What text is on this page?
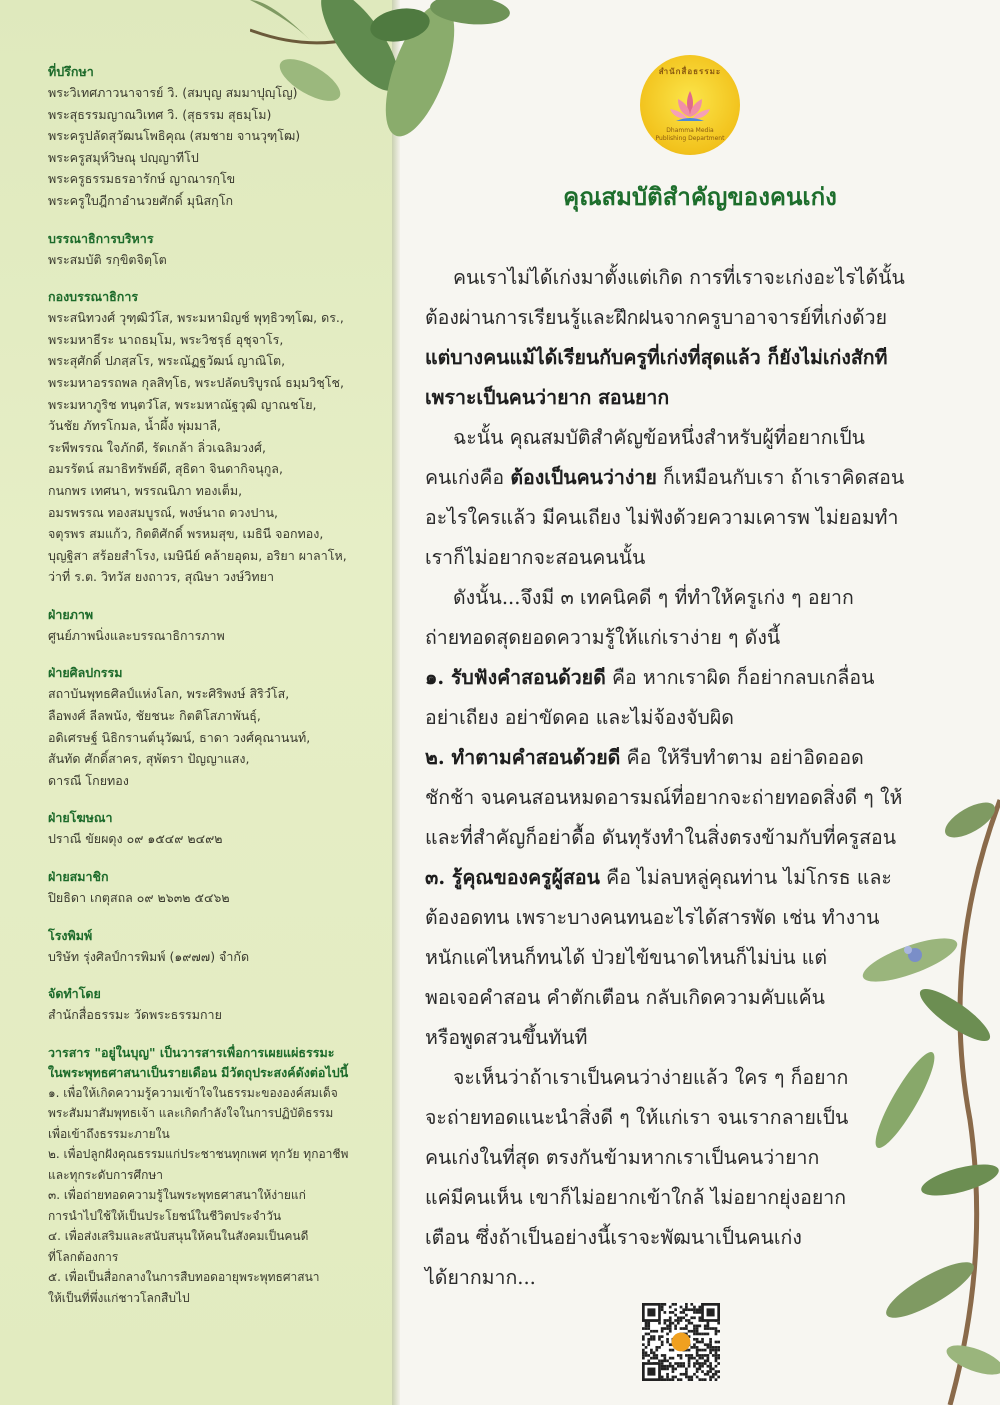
ที่ปรึกษา
พระวิเทศภาวนาจารย์ วิ. (สมบุญ สมมาปุญฺโญ)
พระสุธรรมญาณวิเทศ วิ. (สุธรรม สุธมฺโม)
พระครูปลัดสุวัฒนโพธิคุณ (สมชาย จานวุฑฺโฒ)
พระครูสมุห์วิษณุ ปญฺญาทีโป
พระครูธรรมธรอารักษ์ ญาณารกฺโข
พระครูใบฎีกาอำนวยศักดิ์ มุนิสกฺโก
บรรณาธิการบริหาร
พระสมบัติ รกฺขิตจิตฺโต
กองบรรณาธิการ
พระสนิทวงศ์ วุฑฺฒิวํโส, พระมหามิญช์ พุทฺธิวฑฺโฒ, ดร.,
พระมหาธีระ นาถธมฺโม, พระวิชรุธ์ อุชุจาโร,
พระสุศักดิ์ ปภสฺสโร, พระณัฏฐวัฒน์ ญาณิโต,
พระมหาอรรถพล กุลสิทฺโธ, พระปลัดบริบูรณ์ ธมฺมวิชฺโช,
พระมหาภูริช ทนฺตวํโส, พระมหาณัฐวุฒิ ญาณชโย,
วันชัย ภัทรโกมล, น้ำผึ้ง พุ่มมาลี,
ระพีพรรณ ใจภักดี, รัดเกล้า ลิ่วเฉลิมวงศ์,
อมรรัตน์ สมาธิทรัพย์ดี, สุธิดา จินดากิจนุกูล,
กนกพร เทศนา, พรรณนิภา ทองเต็ม,
อมรพรรณ ทองสมบูรณ์, พงษ์นาถ ดวงปาน,
จตุรพร สมแก้ว, กิตติศักดิ์ พรหมสุข, เมธินี จอกทอง,
บุญฐิสา สร้อยสำโรง, เมษินีย์ คล้ายอุดม, อริยา ผาลาโห,
ว่าที่ ร.ต. วิทวัส ยงถาวร, สุณิษา วงษ์วิทยา
ฝ่ายภาพ
ศูนย์ภาพนิ่งและบรรณาธิการภาพ
ฝ่ายศิลปกรรม
สถาบันพุทธศิลป์แห่งโลก, พระศิริพงษ์ สิริวํโส,
ลือพงศ์ ลีลพนัง, ชัยชนะ กิตติโสภาพันธุ์,
อดิเศรษฐ์ นิธิกรานต์นุวัฒน์, ธาดา วงศ์คุณานนท์,
สันทัด ศักดิ์สาคร, สุพัตรา ปัญญาแสง,
ดารณี โกยทอง
ฝ่ายโฆษณา
ปราณี ขัยผดุง ๐๙ ๑๕๔๙ ๒๔๙๒
ฝ่ายสมาชิก
ปิยธิดา เกตุสถล ๐๙ ๒๖๓๒ ๕๔๖๒
โรงพิมพ์
บริษัท รุ่งศิลป์การพิมพ์ (๑๙๗๗) จำกัด
จัดทำโดย
สำนักสื่อธรรมะ วัดพระธรรมกาย
วารสาร "อยู่ในบุญ" เป็นวารสารเพื่อการเผยแผ่ธรรมะ
ในพระพุทธศาสนาเป็นรายเดือน มีวัตถุประสงค์ดังต่อไปนี้
๑. เพื่อให้เกิดความรู้ความเข้าใจในธรรมะขององค์สมเด็จ
พระสัมมาสัมพุทธเจ้า และเกิดกำลังใจในการปฏิบัติธรรม
เพื่อเข้าถึงธรรมะภายใน
๒. เพื่อปลูกฝังคุณธรรมแก่ประชาชนทุกเพศ ทุกวัย ทุกอาชีพ
และทุกระดับการศึกษา
๓. เพื่อถ่ายทอดความรู้ในพระพุทธศาสนาให้ง่ายแก่
การนำไปใช้ให้เป็นประโยชน์ในชีวิตประจำวัน
๔. เพื่อส่งเสริมและสนับสนุนให้คนในสังคมเป็นคนดี
ที่โลกต้องการ
๕. เพื่อเป็นสื่อกลางในการสืบทอดอายุพระพุทธศาสนา
ให้เป็นที่พึ่งแก่ชาวโลกสืบไป
สำนักสื่อธรรมะ
Dhamma Media Publishing Department
คุณสมบัติสำคัญของคนเก่ง
คนเราไม่ได้เก่งมาตั้งแต่เกิด การที่เราจะเก่งอะไรได้นั้น
ต้องผ่านการเรียนรู้และฝึกฝนจากครูบาอาจารย์ที่เก่งด้วย
แต่บางคนแม้ได้เรียนกับครูที่เก่งที่สุดแล้ว ก็ยังไม่เก่งสักที
เพราะเป็นคนว่ายาก สอนยาก
ฉะนั้น คุณสมบัติสำคัญข้อหนึ่งสำหรับผู้ที่อยากเป็น
คนเก่งคือ ต้องเป็นคนว่าง่าย ก็เหมือนกับเรา ถ้าเราคิดสอน
อะไรใครแล้ว มีคนเถียง ไม่ฟังด้วยความเคารพ ไม่ยอมทำ
เราก็ไม่อยากจะสอนคนนั้น
ดังนั้น...จึงมี ๓ เทคนิคดี ๆ ที่ทำให้ครูเก่ง ๆ อยาก
ถ่ายทอดสุดยอดความรู้ให้แก่เราง่าย ๆ ดังนี้
๑. รับฟังคำสอนด้วยดี คือ หากเราผิด ก็อย่ากลบเกลื่อน
อย่าเถียง อย่าขัดคอ และไม่จ้องจับผิด
๒. ทำตามคำสอนด้วยดี คือ ให้รีบทำตาม อย่าอิดออด
ชักช้า จนคนสอนหมดอารมณ์ที่อยากจะถ่ายทอดสิ่งดี ๆ ให้
และที่สำคัญก็อย่าดื้อ ดันทุรังทำในสิ่งตรงข้ามกับที่ครูสอน
๓. รู้คุณของครูผู้สอน คือ ไม่ลบหลู่คุณท่าน ไม่โกรธ และ
ต้องอดทน เพราะบางคนทนอะไรได้สารพัด เช่น ทำงาน
หนักแค่ไหนก็ทนได้ ป่วยไข้ขนาดไหนก็ไม่บ่น แต่
พอเจอคำสอน คำตักเตือน กลับเกิดความคับแค้น
หรือพูดสวนขึ้นทันที
จะเห็นว่าถ้าเราเป็นคนว่าง่ายแล้ว ใคร ๆ ก็อยาก
จะถ่ายทอดแนะนำสิ่งดี ๆ ให้แก่เรา จนเรากลายเป็น
คนเก่งในที่สุด ตรงกันข้ามหากเราเป็นคนว่ายาก
แค่มีคนเห็น เขาก็ไม่อยากเข้าใกล้ ไม่อยากยุ่งอยาก
เตือน ซึ่งถ้าเป็นอย่างนี้เราจะพัฒนาเป็นคนเก่ง
ได้ยากมาก...
